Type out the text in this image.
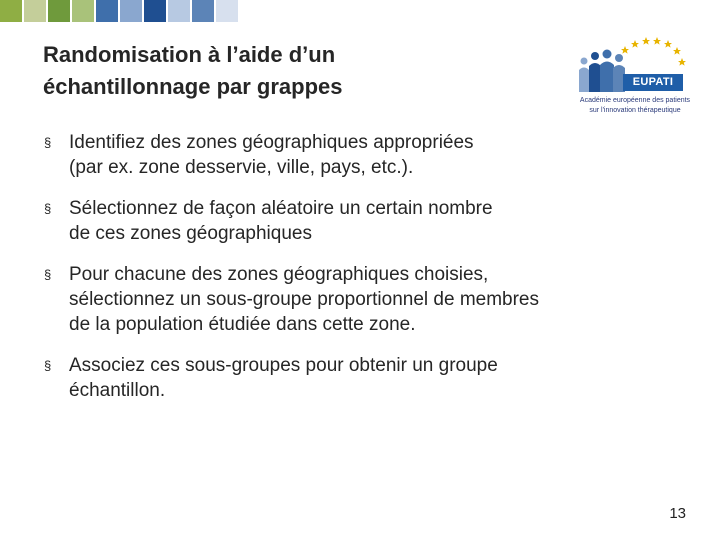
Randomisation à l’aide d’un
échantillonnage par grappes	EUPATI
Académie européenne des patients
sur l'innovation thérapeutique
§ Identifiez des zones géographiques appropriées
(par ex. zone desservie, ville, pays, etc.).
§ Sélectionnez de façon aléatoire un certain nombre
de ces zones géographiques
§ Pour chacune des zones géographiques choisies,
sélectionnez un sous-groupe proportionnel de membres
de la population étudiée dans cette zone.
§ Associez ces sous-groupes pour obtenir un groupe
échantillon.
13
